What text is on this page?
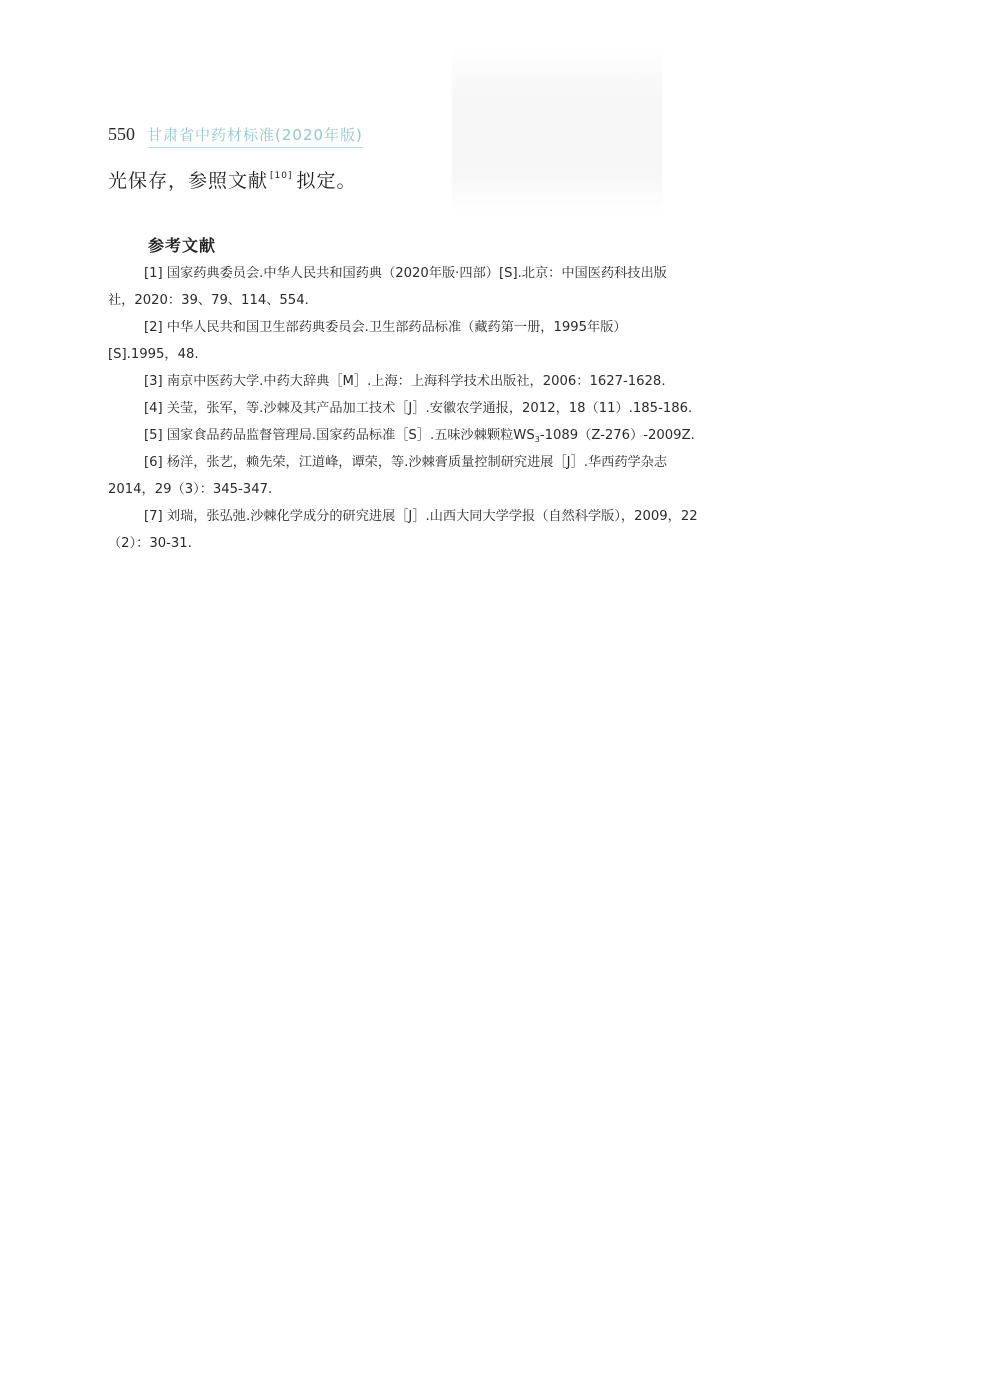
550 甘肃省中药材标准(2020年版)
光保存，参照文献 [10] 拟定。
参考文献
[1] 国家药典委员会.中华人民共和国药典（2020年版·四部）[S].北京：中国医药科技出版
社，2020：39、79、114、554.
[2] 中华人民共和国卫生部药典委员会.卫生部药品标准（藏药第一册，1995年版）
[S].1995，48.
[3] 南京中医药大学.中药大辞典［M］.上海：上海科学技术出版社，2006：1627-1628.
[4] 关莹，张军，等.沙棘及其产品加工技术［J］.安徽农学通报，2012，18（11）.185-186.
[5] 国家食品药品监督管理局.国家药品标准［S］.五味沙棘颗粒$WS_3-1089(Z-276)-2009Z$.
[6] 杨洋，张艺，赖先荣，江道峰，谭荣，等.沙棘膏质量控制研究进展［J］.华西药学杂志
2014，29（3）：345-347.
[7] 刘瑞，张弘弛.沙棘化学成分的研究进展［J］.山西大同大学学报（自然科学版），2009，22
（2）：30-31.
